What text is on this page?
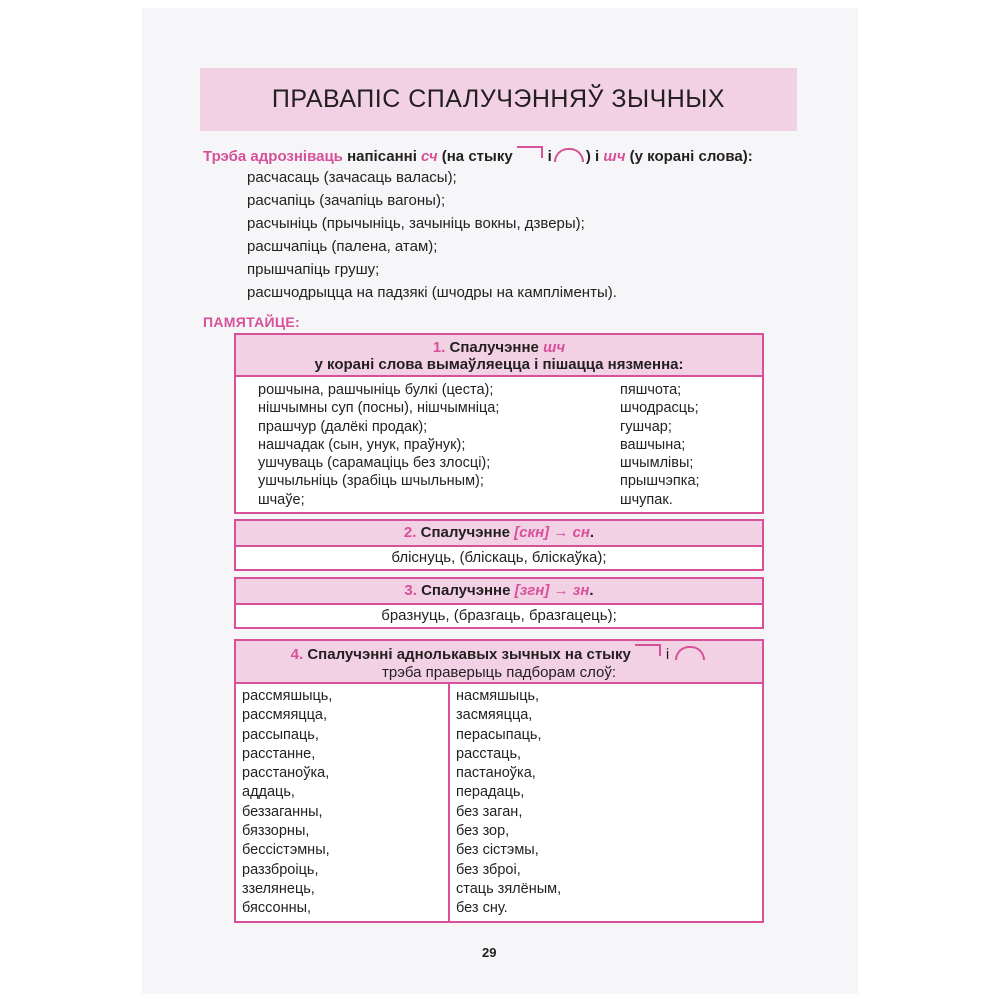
ПРАВАПІС СПАЛУЧЭННЯЎ ЗЫЧНЫХ
Трэба адрозніваць напісанні сч (на стыку і ) і шч (у корані слова):
расчасаць (зачасаць валасы);
расчапіць (зачапіць вагоны);
расчыніць (прычыніць, зачыніць вокны, дзверы);
расшчапіць (палена, атам);
прышчапіць грушу;
расшчодрыцца на падзякі (шчодры на кампліменты).
ПАМЯТАЙЦЕ:
1. Спалучэнне шч
у корані слова вымаўляецца і пішацца нязменна:
рошчына, рашчыніць булкі (цеста);
нішчымны суп (посны), нішчымніца;
прашчур (далёкі продак);
нашчадак (сын, унук, праўнук);
ушчуваць (сарамаціць без злосці);
ушчыльніць (зрабіць шчыльным);
шчаўе;
пяшчота;
шчодрасць;
гушчар;
вашчына;
шчымлівы;
прышчэпка;
шчупак.
2. Спалучэнне [скн] → сн.
блiснуць, (блiскаць, блiскаўка);
3. Спалучэнне [згн] → зн.
бразнуць, (бразгаць, бразгацець);
4. Спалучэнні аднолькавых зычных на стыку і
трэба праверыць падборам слоў:
рассмяшыць,
рассмяяцца,
рассыпаць,
расстанне,
расстаноўка,
аддаць,
беззаганны,
бяззорны,
бессістэмны,
раззброіць,
ззелянець,
бяссонны,
насмяшыць,
засмяяцца,
перасыпаць,
расстаць,
пастаноўка,
перадаць,
без заган,
без зор,
без сістэмы,
без зброі,
стаць зялёным,
без сну.
29
